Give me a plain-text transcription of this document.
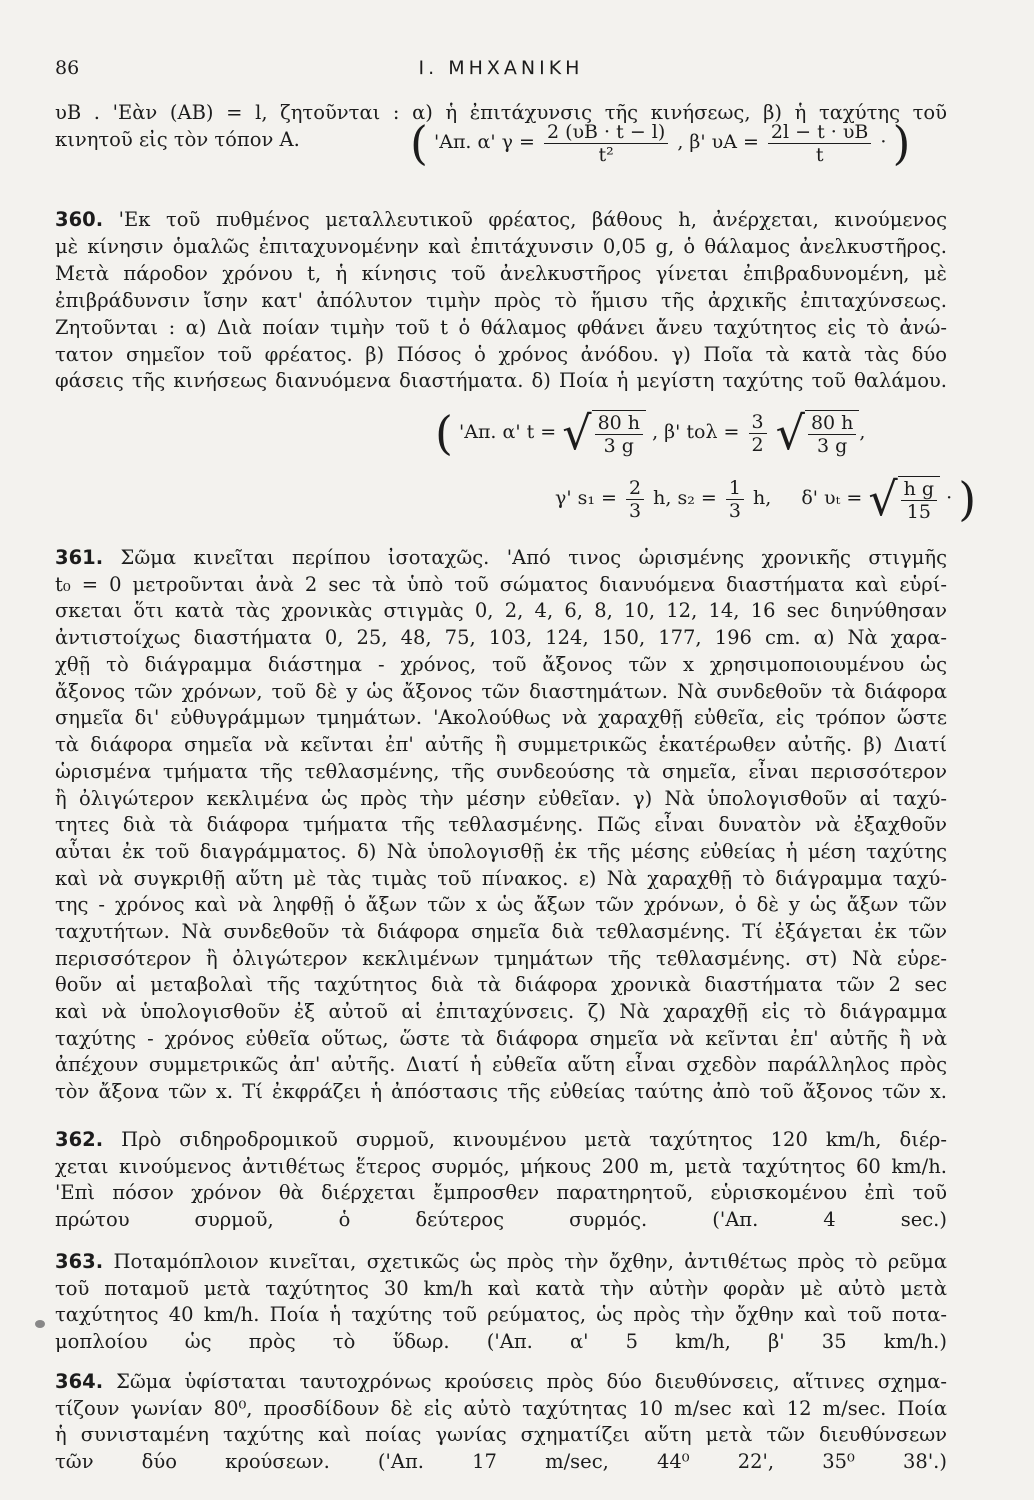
86	Ι. ΜΗΧΑΝΙΚΗ
υΒ . 'Εὰν (ΑΒ) = l, ζητοῦνται : α) ἡ ἐπιτάχυνσις τῆς κινήσεως, β) ἡ ταχύτης τοῦ
κινητοῦ εἰς τὸν τόπον Α.	( 'Απ. α' $\gamma = \frac{2 (\upsilon B \cdot t - l)}{\text{t²}}$ , β' $\upsilon A = \frac{2l - t \cdot \upsilon B}{t}$ · )
360. 'Εκ τοῦ πυθμένος μεταλλευτικοῦ φρέατος, βάθους h, ἀνέρχεται, κινούμενος
μὲ κίνησιν ὁμαλῶς ἐπιταχυνομένην καὶ ἐπιτάχυνσιν 0,05 g, ὁ θάλαμος ἀνελκυστῆρος.
Μετὰ πάροδον χρόνου t, ἡ κίνησις τοῦ ἀνελκυστῆρος γίνεται ἐπιβραδυνομένη, μὲ
ἐπιβράδυνσιν ἴσην κατ' ἀπόλυτον τιμὴν πρὸς τὸ ἥμισυ τῆς ἀρχικῆς ἐπιταχύνσεως.
Ζητοῦνται : α) Διὰ ποίαν τιμὴν τοῦ t ὁ θάλαμος φθάνει ἄνευ ταχύτητος εἰς τὸ ἀνώ-
τατον σημεῖον τοῦ φρέατος. β) Πόσος ὁ χρόνος ἀνόδου. γ) Ποῖα τὰ κατὰ τὰς δύο
φάσεις τῆς κινήσεως διανυόμενα διαστήματα. δ) Ποία ἡ μεγίστη ταχύτης τοῦ θαλάμου.
( 'Απ. α' t = √ $\frac{80 h}{3 g}$ , β' $to\lambda = \frac{3}{2}$ √ $\frac{80 h}{3 g}$ ,
γ' $s_1 = \frac{2}{3} h$, $s_2 = \frac{1}{3} h$, δ' υₜ = √ $\frac{\text{h g}}{15}$ · )
361. Σῶμα κινεῖται περίπου ἰσοταχῶς. 'Από τινος ὡρισμένης χρονικῆς στιγμῆς
t₀ = 0 μετροῦνται ἀνὰ 2 sec τὰ ὑπὸ τοῦ σώματος διανυόμενα διαστήματα καὶ εὑρί-
σκεται ὅτι κατὰ τὰς χρονικὰς στιγμὰς 0, 2, 4, 6, 8, 10, 12, 14, 16 sec διηνύθησαν
ἀντιστοίχως διαστήματα 0, 25, 48, 75, 103, 124, 150, 177, 196 cm. α) Νὰ χαρα-
χθῇ τὸ διάγραμμα διάστημα - χρόνος, τοῦ ἄξονος τῶν x χρησιμοποιουμένου ὡς
ἄξονος τῶν χρόνων, τοῦ δὲ y ὡς ἄξονος τῶν διαστημάτων. Νὰ συνδεθοῦν τὰ διάφορα
σημεῖα δι' εὐθυγράμμων τμημάτων. 'Ακολούθως νὰ χαραχθῇ εὐθεῖα, εἰς τρόπον ὥστε
τὰ διάφορα σημεῖα νὰ κεῖνται ἐπ' αὐτῆς ἢ συμμετρικῶς ἑκατέρωθεν αὐτῆς. β) Διατί
ὡρισμένα τμήματα τῆς τεθλασμένης, τῆς συνδεούσης τὰ σημεῖα, εἶναι περισσότερον
ἢ ὀλιγώτερον κεκλιμένα ὡς πρὸς τὴν μέσην εὐθεῖαν. γ) Νὰ ὑπολογισθοῦν αἱ ταχύ-
τητες διὰ τὰ διάφορα τμήματα τῆς τεθλασμένης. Πῶς εἶναι δυνατὸν νὰ ἐξαχθοῦν
αὗται ἐκ τοῦ διαγράμματος. δ) Νὰ ὑπολογισθῇ ἐκ τῆς μέσης εὐθείας ἡ μέση ταχύτης
καὶ νὰ συγκριθῇ αὕτη μὲ τὰς τιμὰς τοῦ πίνακος. ε) Νὰ χαραχθῇ τὸ διάγραμμα ταχύ-
της - χρόνος καὶ νὰ ληφθῇ ὁ ἄξων τῶν x ὡς ἄξων τῶν χρόνων, ὁ δὲ y ὡς ἄξων τῶν
ταχυτήτων. Νὰ συνδεθοῦν τὰ διάφορα σημεῖα διὰ τεθλασμένης. Τί ἐξάγεται ἐκ τῶν
περισσότερον ἢ ὀλιγώτερον κεκλιμένων τμημάτων τῆς τεθλασμένης. στ) Νὰ εὑρε-
θοῦν αἱ μεταβολαὶ τῆς ταχύτητος διὰ τὰ διάφορα χρονικὰ διαστήματα τῶν 2 sec
καὶ νὰ ὑπολογισθοῦν ἐξ αὐτοῦ αἱ ἐπιταχύνσεις. ζ) Νὰ χαραχθῇ εἰς τὸ διάγραμμα
ταχύτης - χρόνος εὐθεῖα οὕτως, ὥστε τὰ διάφορα σημεῖα νὰ κεῖνται ἐπ' αὐτῆς ἢ νὰ
ἀπέχουν συμμετρικῶς ἀπ' αὐτῆς. Διατί ἡ εὐθεῖα αὕτη εἶναι σχεδὸν παράλληλος πρὸς
τὸν ἄξονα τῶν x. Τί ἐκφράζει ἡ ἀπόστασις τῆς εὐθείας ταύτης ἀπὸ τοῦ ἄξονος τῶν x.
362. Πρὸ σιδηροδρομικοῦ συρμοῦ, κινουμένου μετὰ ταχύτητος 120 km/h, διέρ-
χεται κινούμενος ἀντιθέτως ἕτερος συρμός, μήκους 200 m, μετὰ ταχύτητος 60 km/h.
'Επὶ πόσον χρόνον θὰ διέρχεται ἔμπροσθεν παρατηρητοῦ, εὑρισκομένου ἐπὶ τοῦ
πρώτου συρμοῦ, ὁ δεύτερος συρμός. ('Απ. 4 sec.)
363. Ποταμόπλοιον κινεῖται, σχετικῶς ὡς πρὸς τὴν ὄχθην, ἀντιθέτως πρὸς τὸ ρεῦμα
τοῦ ποταμοῦ μετὰ ταχύτητος 30 km/h καὶ κατὰ τὴν αὐτὴν φορὰν μὲ αὐτὸ μετὰ
ταχύτητος 40 km/h. Ποία ἡ ταχύτης τοῦ ρεύματος, ὡς πρὸς τὴν ὄχθην καὶ τοῦ ποτα-
μοπλοίου ὡς πρὸς τὸ ὕδωρ. ('Απ. α' 5 km/h, β' 35 km/h.)
364. Σῶμα ὑφίσταται ταυτοχρόνως κρούσεις πρὸς δύο διευθύνσεις, αἵτινες σχημα-
τίζουν γωνίαν 80⁰, προσδίδουν δὲ εἰς αὐτὸ ταχύτητας 10 m/sec καὶ 12 m/sec. Ποία
ἡ συνισταμένη ταχύτης καὶ ποίας γωνίας σχηματίζει αὕτη μετὰ τῶν διευθύνσεων
τῶν δύο κρούσεων. ('Απ. 17 m/sec, 44⁰ 22', 35⁰ 38'.)
